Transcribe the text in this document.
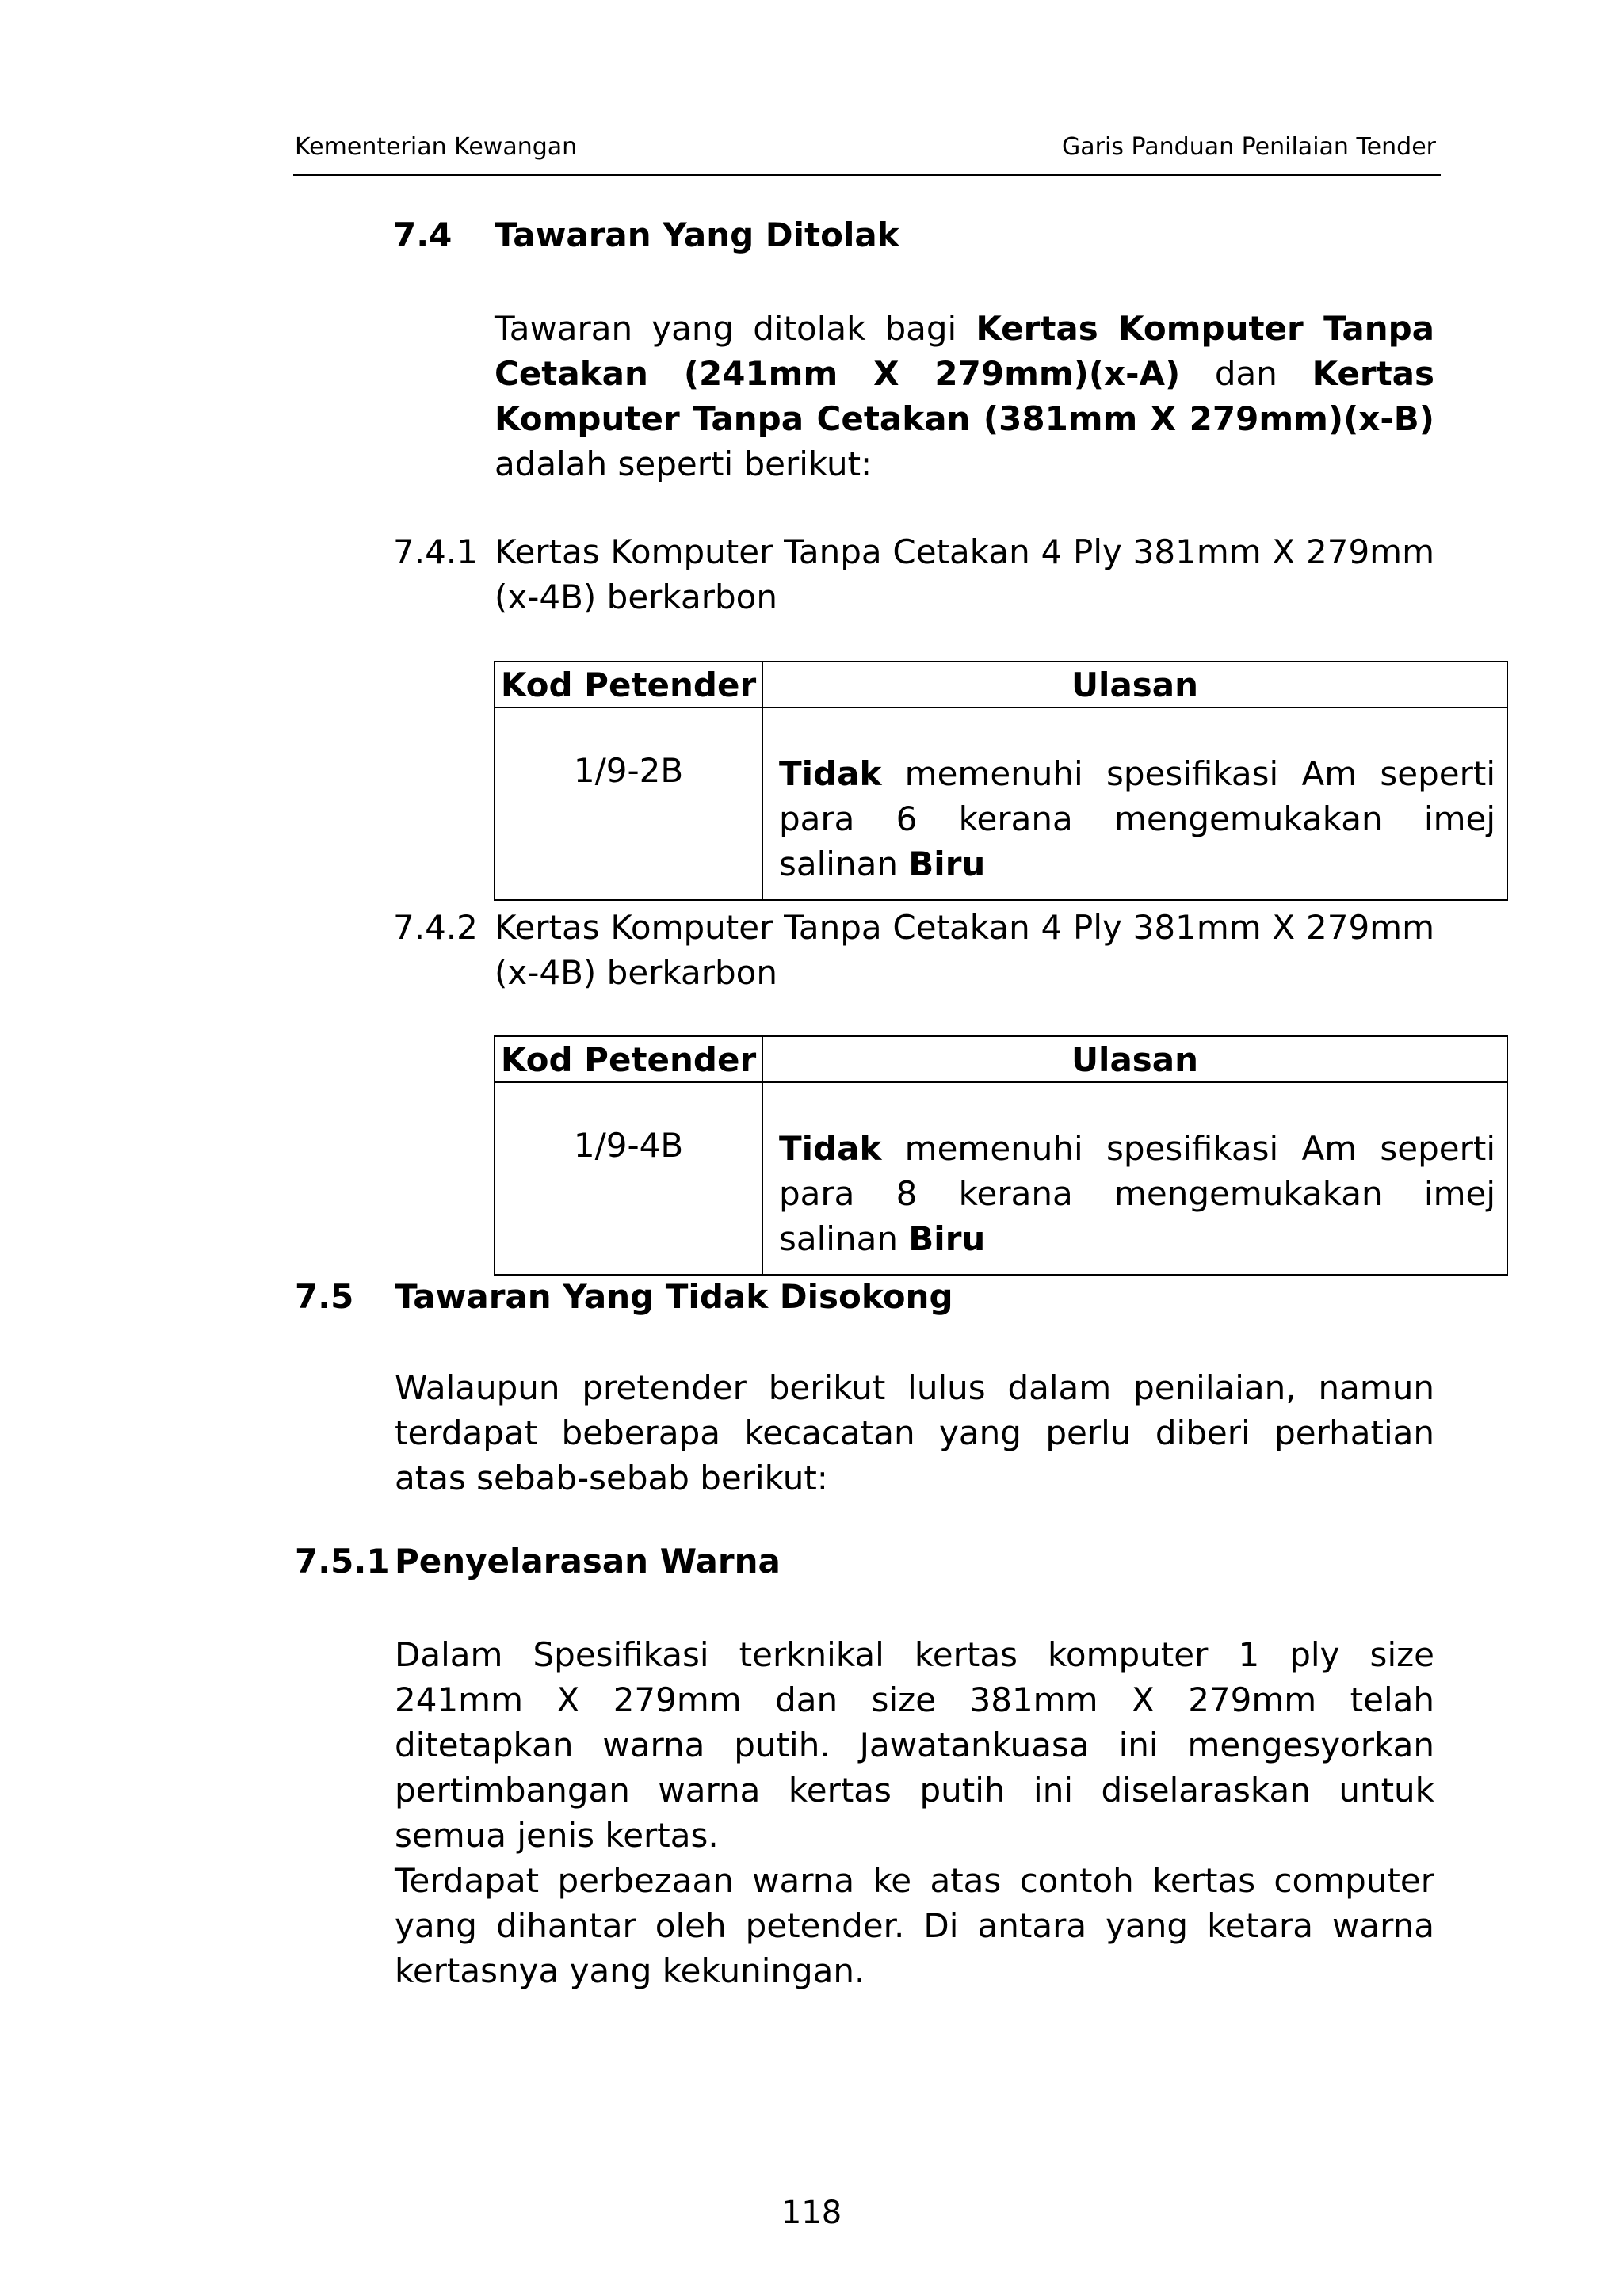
Kementerian Kewangan	Garis Panduan Penilaian Tender
7.4 Tawaran Yang Ditolak
Tawaran yang ditolak bagi Kertas Komputer Tanpa Cetakan (241mm X 279mm)(x-A) dan Kertas Komputer Tanpa Cetakan (381mm X 279mm)(x-B) adalah seperti berikut:
7.4.1 Kertas Komputer Tanpa Cetakan 4 Ply 381mm X 279mm (x-4B) berkarbon
Kod Petender	Ulasan
1/9-2B	Tidak memenuhi spesifikasi Am seperti para 6 kerana mengemukakan imej salinan Biru
7.4.2 Kertas Komputer Tanpa Cetakan 4 Ply 381mm X 279mm (x-4B) berkarbon
Kod Petender	Ulasan
1/9-4B	Tidak memenuhi spesifikasi Am seperti para 8 kerana mengemukakan imej salinan Biru
7.5 Tawaran Yang Tidak Disokong
Walaupun pretender berikut lulus dalam penilaian, namun terdapat beberapa kecacatan yang perlu diberi perhatian atas sebab-sebab berikut:
7.5.1 Penyelarasan Warna
Dalam Spesifikasi terknikal kertas komputer 1 ply size 241mm X 279mm dan size 381mm X 279mm telah ditetapkan warna putih. Jawatankuasa ini mengesyorkan pertimbangan warna kertas putih ini diselaraskan untuk semua jenis kertas.
Terdapat perbezaan warna ke atas contoh kertas computer yang dihantar oleh petender. Di antara yang ketara warna kertasnya yang kekuningan.
118
